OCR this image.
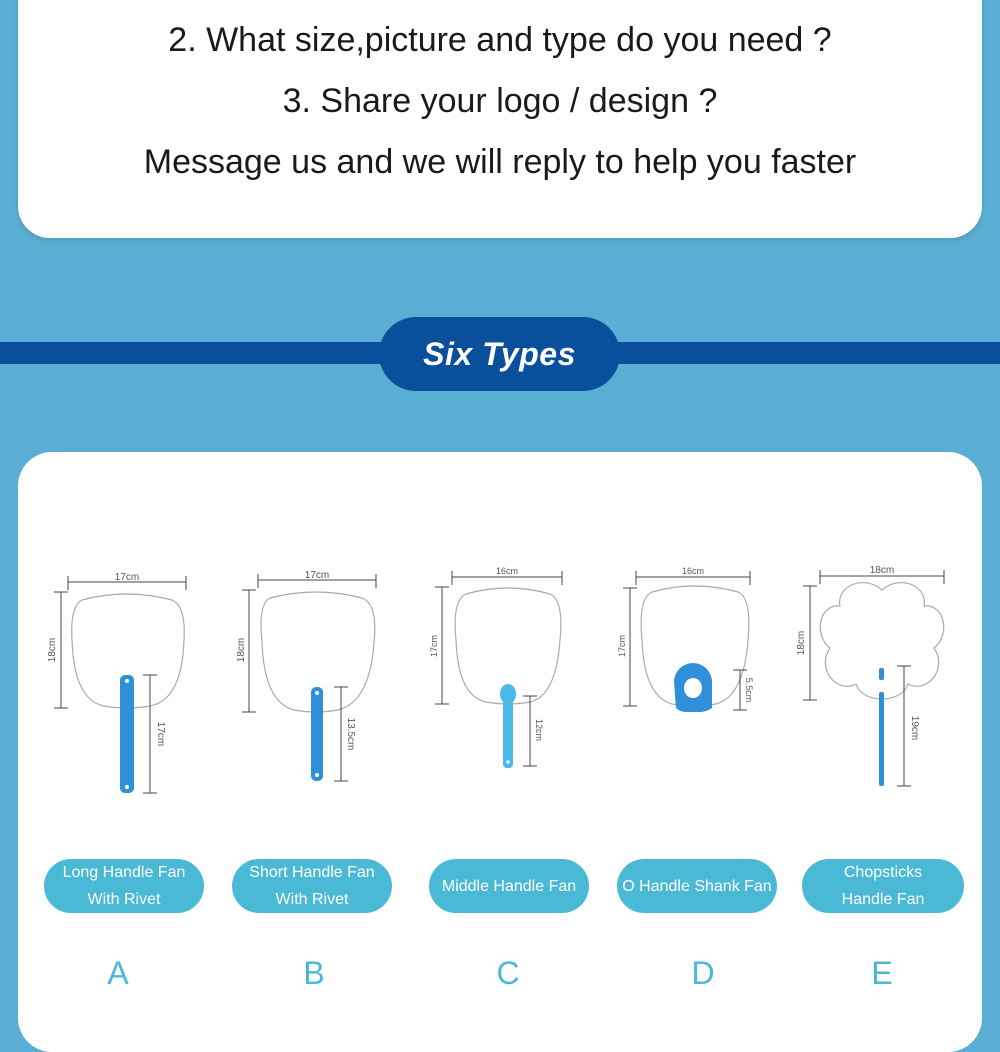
2. What size,picture and type do you need ?
3. Share your logo / design ?
Message us and we will reply to help you faster
Six Types
17cm
18cm
17cm
17cm
18cm
13.5cm
16cm
17cm
12cm
16cm
17cm
5.5cm
18cm
18cm
19cm
Long Handle Fan
With Rivet
Short Handle Fan
With Rivet
Middle Handle Fan	O Handle Shank Fan
Chopsticks
Handle Fan
A	B	C	D	E
